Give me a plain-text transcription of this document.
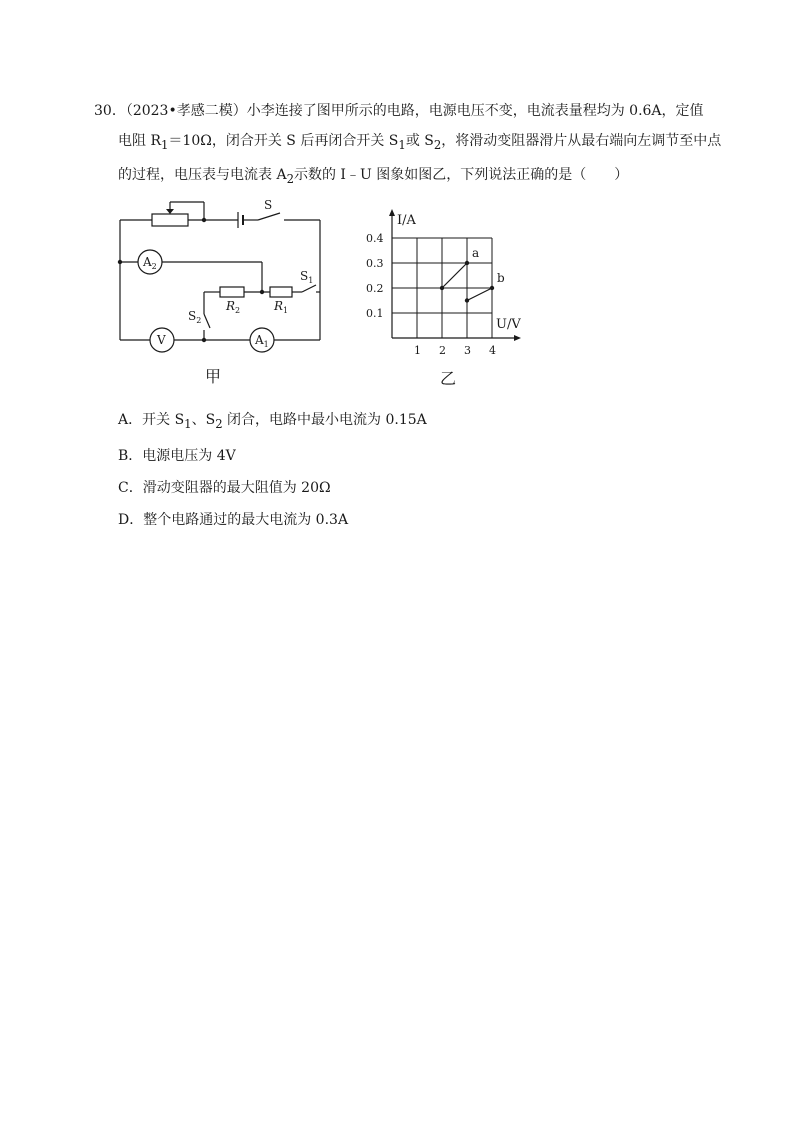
30．（2023•孝感二模）小李连接了图甲所示的电路，电源电压不变，电流表量程均为 0.6A，定值
电阻 $R_1=10\Omega$，闭合开关 S 后再闭合开关 $S_1$或 $S_2$，将滑动变阻器滑片从最右端向左调节至中点
的过程，电压表与电流表 $A_2$示数的 I﹣U 图象如图乙，下列说法正确的是（　　）
S
$S_1$
$S_2$
$R_2$	$R_1$
$A_2$
V	$A_1$
甲
1 2 3 4
0.1
0.2
0.3
0.4
I/A
U/V
a
b
乙
A．开关 $S_1$、$S_2$ 闭合，电路中最小电流为 0.15A
B．电源电压为 4V
C．滑动变阻器的最大阻值为 20Ω
D．整个电路通过的最大电流为 0.3A
